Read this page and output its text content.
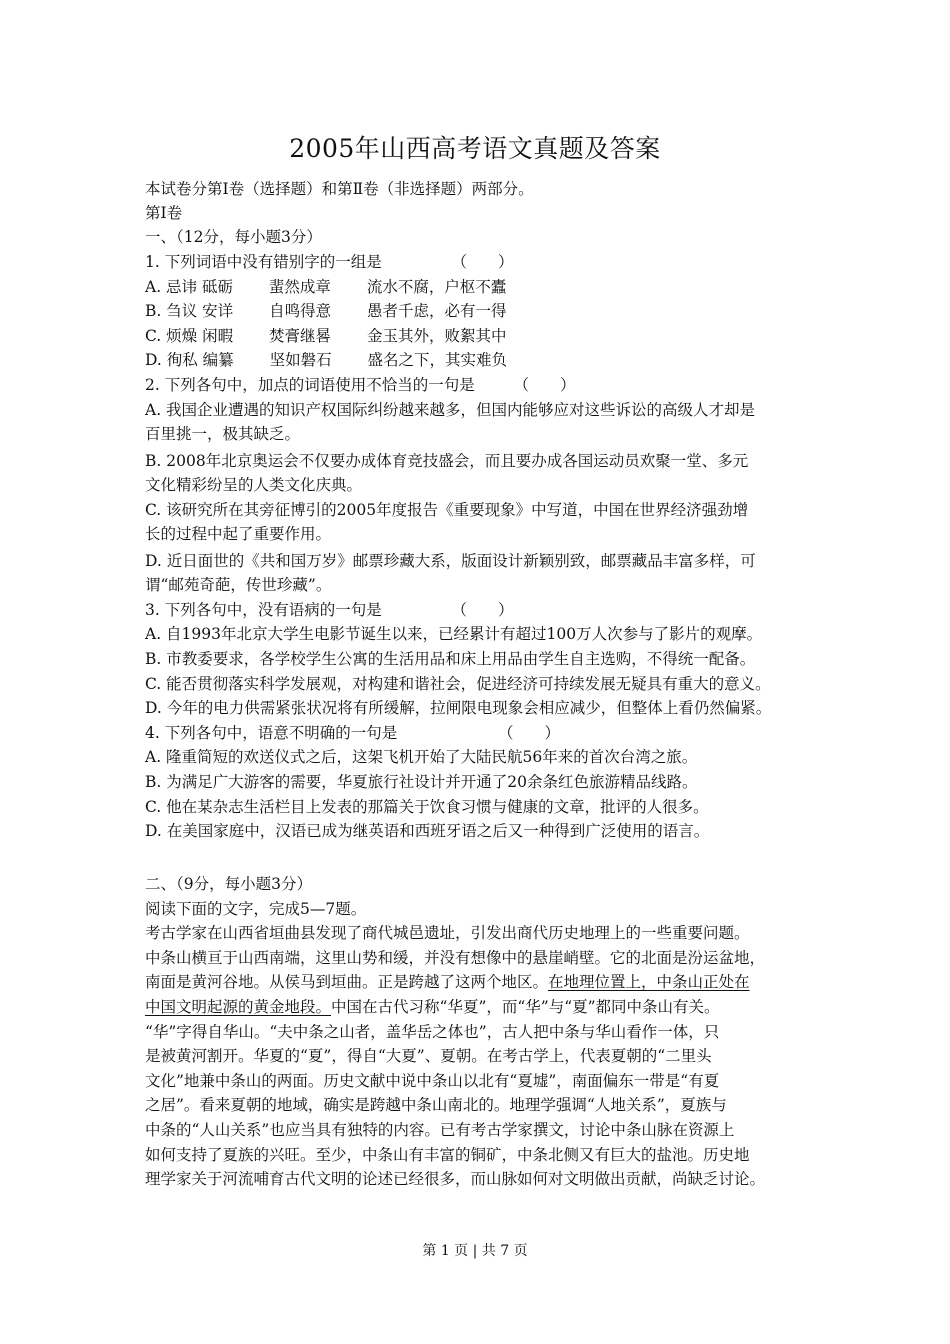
2005年山西高考语文真题及答案
本试卷分第Ⅰ卷（选择题）和第Ⅱ卷（非选择题）两部分。
第Ⅰ卷
一、（12分，每小题3分）
1. 下列词语中没有错别字的一组是　　　　　（　　）
A. 忌讳 砥砺　　 蜚然成章　　 流水不腐，户枢不蠹
B. 刍议 安详　　 自鸣得意　　 愚者千虑，必有一得
C. 烦燥 闲暇　　 焚膏继晷　　 金玉其外，败絮其中
D. 徇私 编纂　　 坚如磐石　　 盛名之下，其实难负
2. 下列各句中，加点的词语使用不恰当的一句是　　　（　　）
A. 我国企业遭遇的知识产权国际纠纷越来越多，但国内能够应对这些诉讼的高级人才却是
百里挑一，极其缺乏。
B. 2008年北京奥运会不仅要办成体育竞技盛会，而且要办成各国运动员欢聚一堂、多元
文化精彩纷呈的人类文化庆典。
C. 该研究所在其旁征博引的2005年度报告《重要现象》中写道，中国在世界经济强劲增
长的过程中起了重要作用。
D. 近日面世的《共和国万岁》邮票珍藏大系，版面设计新颖别致，邮票藏品丰富多样，可
谓“邮苑奇葩，传世珍藏”。
3. 下列各句中，没有语病的一句是　　　　　（　　）
A. 自1993年北京大学生电影节诞生以来，已经累计有超过100万人次参与了影片的观摩。
B. 市教委要求，各学校学生公寓的生活用品和床上用品由学生自主选购，不得统一配备。
C. 能否贯彻落实科学发展观，对构建和谐社会，促进经济可持续发展无疑具有重大的意义。
D. 今年的电力供需紧张状况将有所缓解，拉闸限电现象会相应减少，但整体上看仍然偏紧。
4. 下列各句中，语意不明确的一句是　　　　　　　（　　）
A. 隆重简短的欢送仪式之后，这架飞机开始了大陆民航56年来的首次台湾之旅。
B. 为满足广大游客的需要，华夏旅行社设计并开通了20余条红色旅游精品线路。
C. 他在某杂志生活栏目上发表的那篇关于饮食习惯与健康的文章，批评的人很多。
D. 在美国家庭中，汉语已成为继英语和西班牙语之后又一种得到广泛使用的语言。
二、（9分，每小题3分）
阅读下面的文字，完成5—7题。
考古学家在山西省垣曲县发现了商代城邑遗址，引发出商代历史地理上的一些重要问题。
中条山横亘于山西南端，这里山势和缓，并没有想像中的悬崖峭壁。它的北面是汾运盆地，
南面是黄河谷地。从侯马到垣曲。正是跨越了这两个地区。在地理位置上，中条山正处在
中国文明起源的黄金地段。中国在古代习称“华夏”，而“华”与“夏”都同中条山有关。
“华”字得自华山。“夫中条之山者，盖华岳之体也”，古人把中条与华山看作一体，只
是被黄河割开。华夏的“夏”，得自“大夏”、夏朝。在考古学上，代表夏朝的“二里头
文化”地兼中条山的两面。历史文献中说中条山以北有“夏墟”，南面偏东一带是“有夏
之居”。看来夏朝的地域，确实是跨越中条山南北的。地理学强调“人地关系”，夏族与
中条的“人山关系”也应当具有独特的内容。已有考古学家撰文，讨论中条山脉在资源上
如何支持了夏族的兴旺。至少，中条山有丰富的铜矿，中条北侧又有巨大的盐池。历史地
理学家关于河流哺育古代文明的论述已经很多，而山脉如何对文明做出贡献，尚缺乏讨论。
第 1 页 | 共 7 页
